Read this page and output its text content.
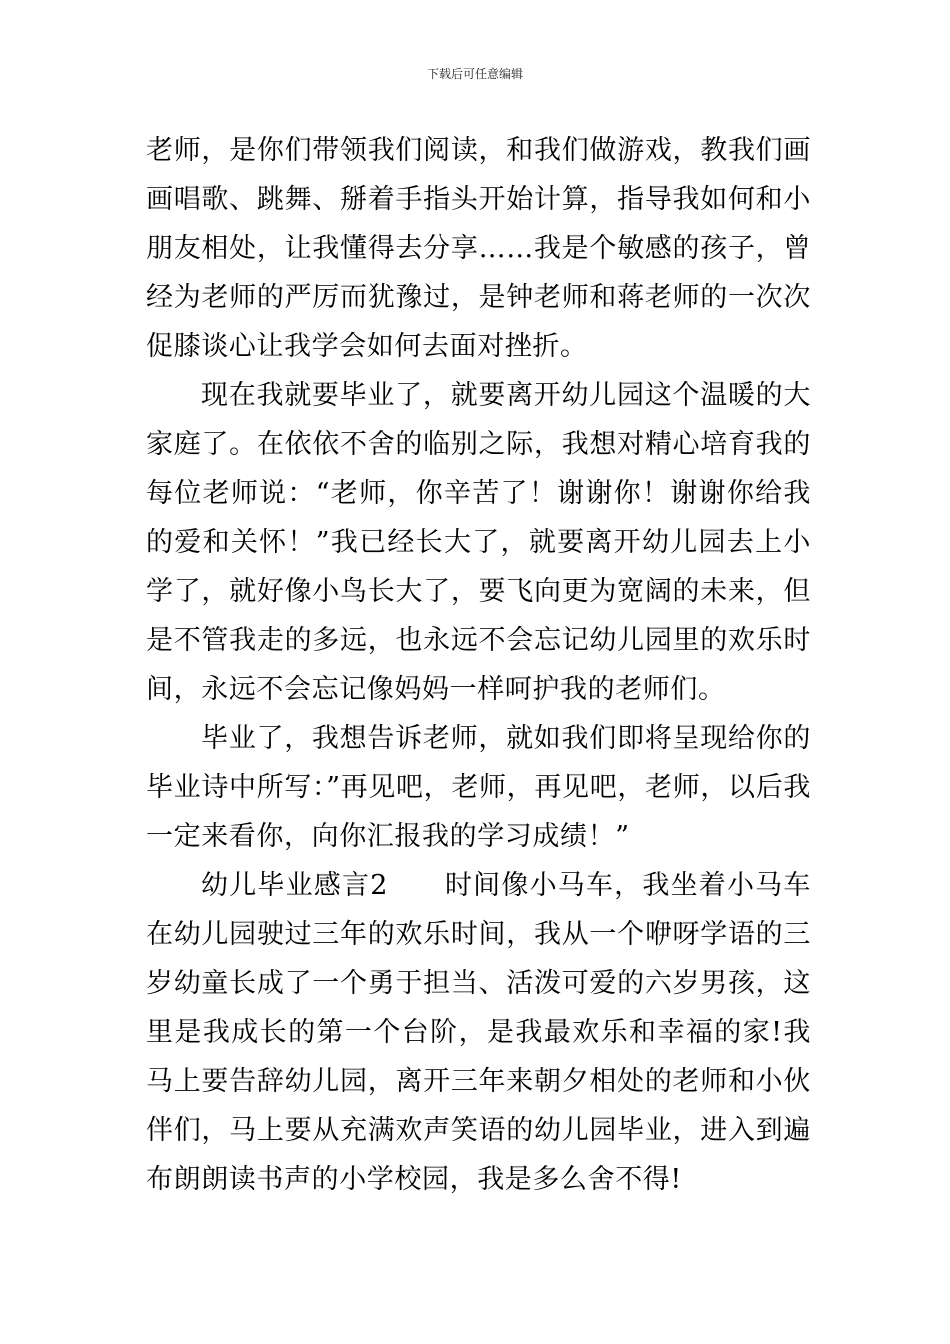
下载后可任意编辑

老师，是你们带领我们阅读，和我们做游戏，教我们画画唱歌、跳舞、掰着手指头开始计算，指导我如何和小朋友相处，让我懂得去分享……我是个敏感的孩子，曾经为老师的严厉而犹豫过，是钟老师和蒋老师的一次次促膝谈心让我学会如何去面对挫折。

现在我就要毕业了，就要离开幼儿园这个温暖的大家庭了。在依依不舍的临别之际，我想对精心培育我的每位老师说：“老师，你辛苦了！谢谢你！谢谢你给我的爱和关怀！”我已经长大了，就要离开幼儿园去上小学了，就好像小鸟长大了，要飞向更为宽阔的未来，但是不管我走的多远，也永远不会忘记幼儿园里的欢乐时间，永远不会忘记像妈妈一样呵护我的老师们。

毕业了，我想告诉老师，就如我们即将呈现给你的毕业诗中所写：”再见吧，老师，再见吧，老师，以后我一定来看你，向你汇报我的学习成绩！”

幼儿毕业感言2　　时间像小马车，我坐着小马车在幼儿园驶过三年的欢乐时间，我从一个咿呀学语的三岁幼童长成了一个勇于担当、活泼可爱的六岁男孩，这里是我成长的第一个台阶，是我最欢乐和幸福的家!我马上要告辞幼儿园，离开三年来朝夕相处的老师和小伙伴们，马上要从充满欢声笑语的幼儿园毕业，进入到遍布朗朗读书声的小学校园，我是多么舍不得!
